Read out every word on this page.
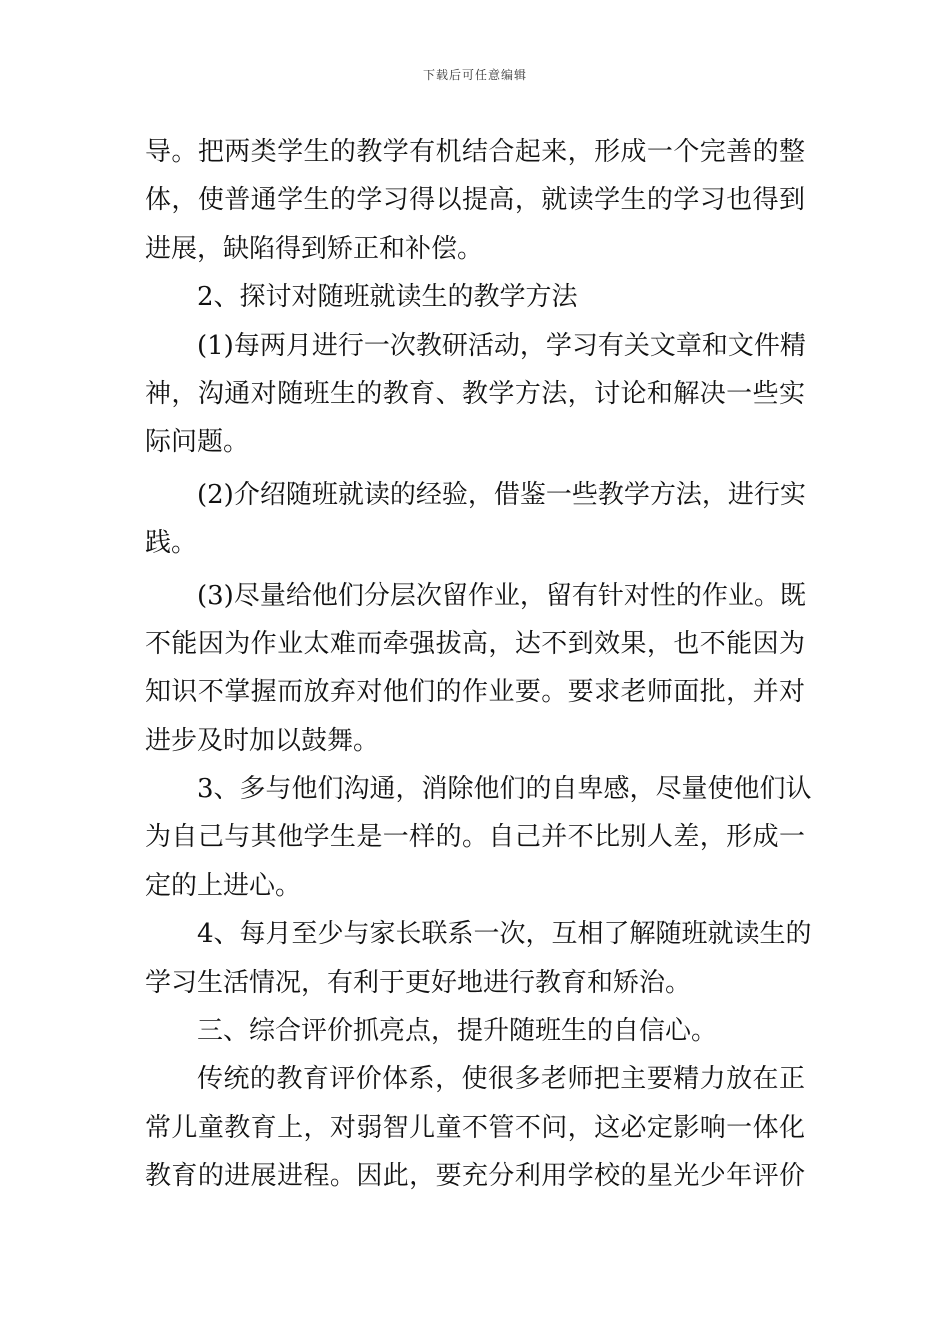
下载后可任意编辑
导。把两类学生的教学有机结合起来，形成一个完善的整
体，使普通学生的学习得以提高，就读学生的学习也得到
进展，缺陷得到矫正和补偿。
2、探讨对随班就读生的教学方法
(1)每两月进行一次教研活动，学习有关文章和文件精
神，沟通对随班生的教育、教学方法，讨论和解决一些实
际问题。
(2)介绍随班就读的经验，借鉴一些教学方法，进行实
践。
(3)尽量给他们分层次留作业，留有针对性的作业。既
不能因为作业太难而牵强拔高，达不到效果，也不能因为
知识不掌握而放弃对他们的作业要。要求老师面批，并对
进步及时加以鼓舞。
3、多与他们沟通，消除他们的自卑感，尽量使他们认
为自己与其他学生是一样的。自己并不比别人差，形成一
定的上进心。
4、每月至少与家长联系一次，互相了解随班就读生的
学习生活情况，有利于更好地进行教育和矫治。
三、综合评价抓亮点，提升随班生的自信心。
传统的教育评价体系，使很多老师把主要精力放在正
常儿童教育上，对弱智儿童不管不问，这必定影响一体化
教育的进展进程。因此，要充分利用学校的星光少年评价
